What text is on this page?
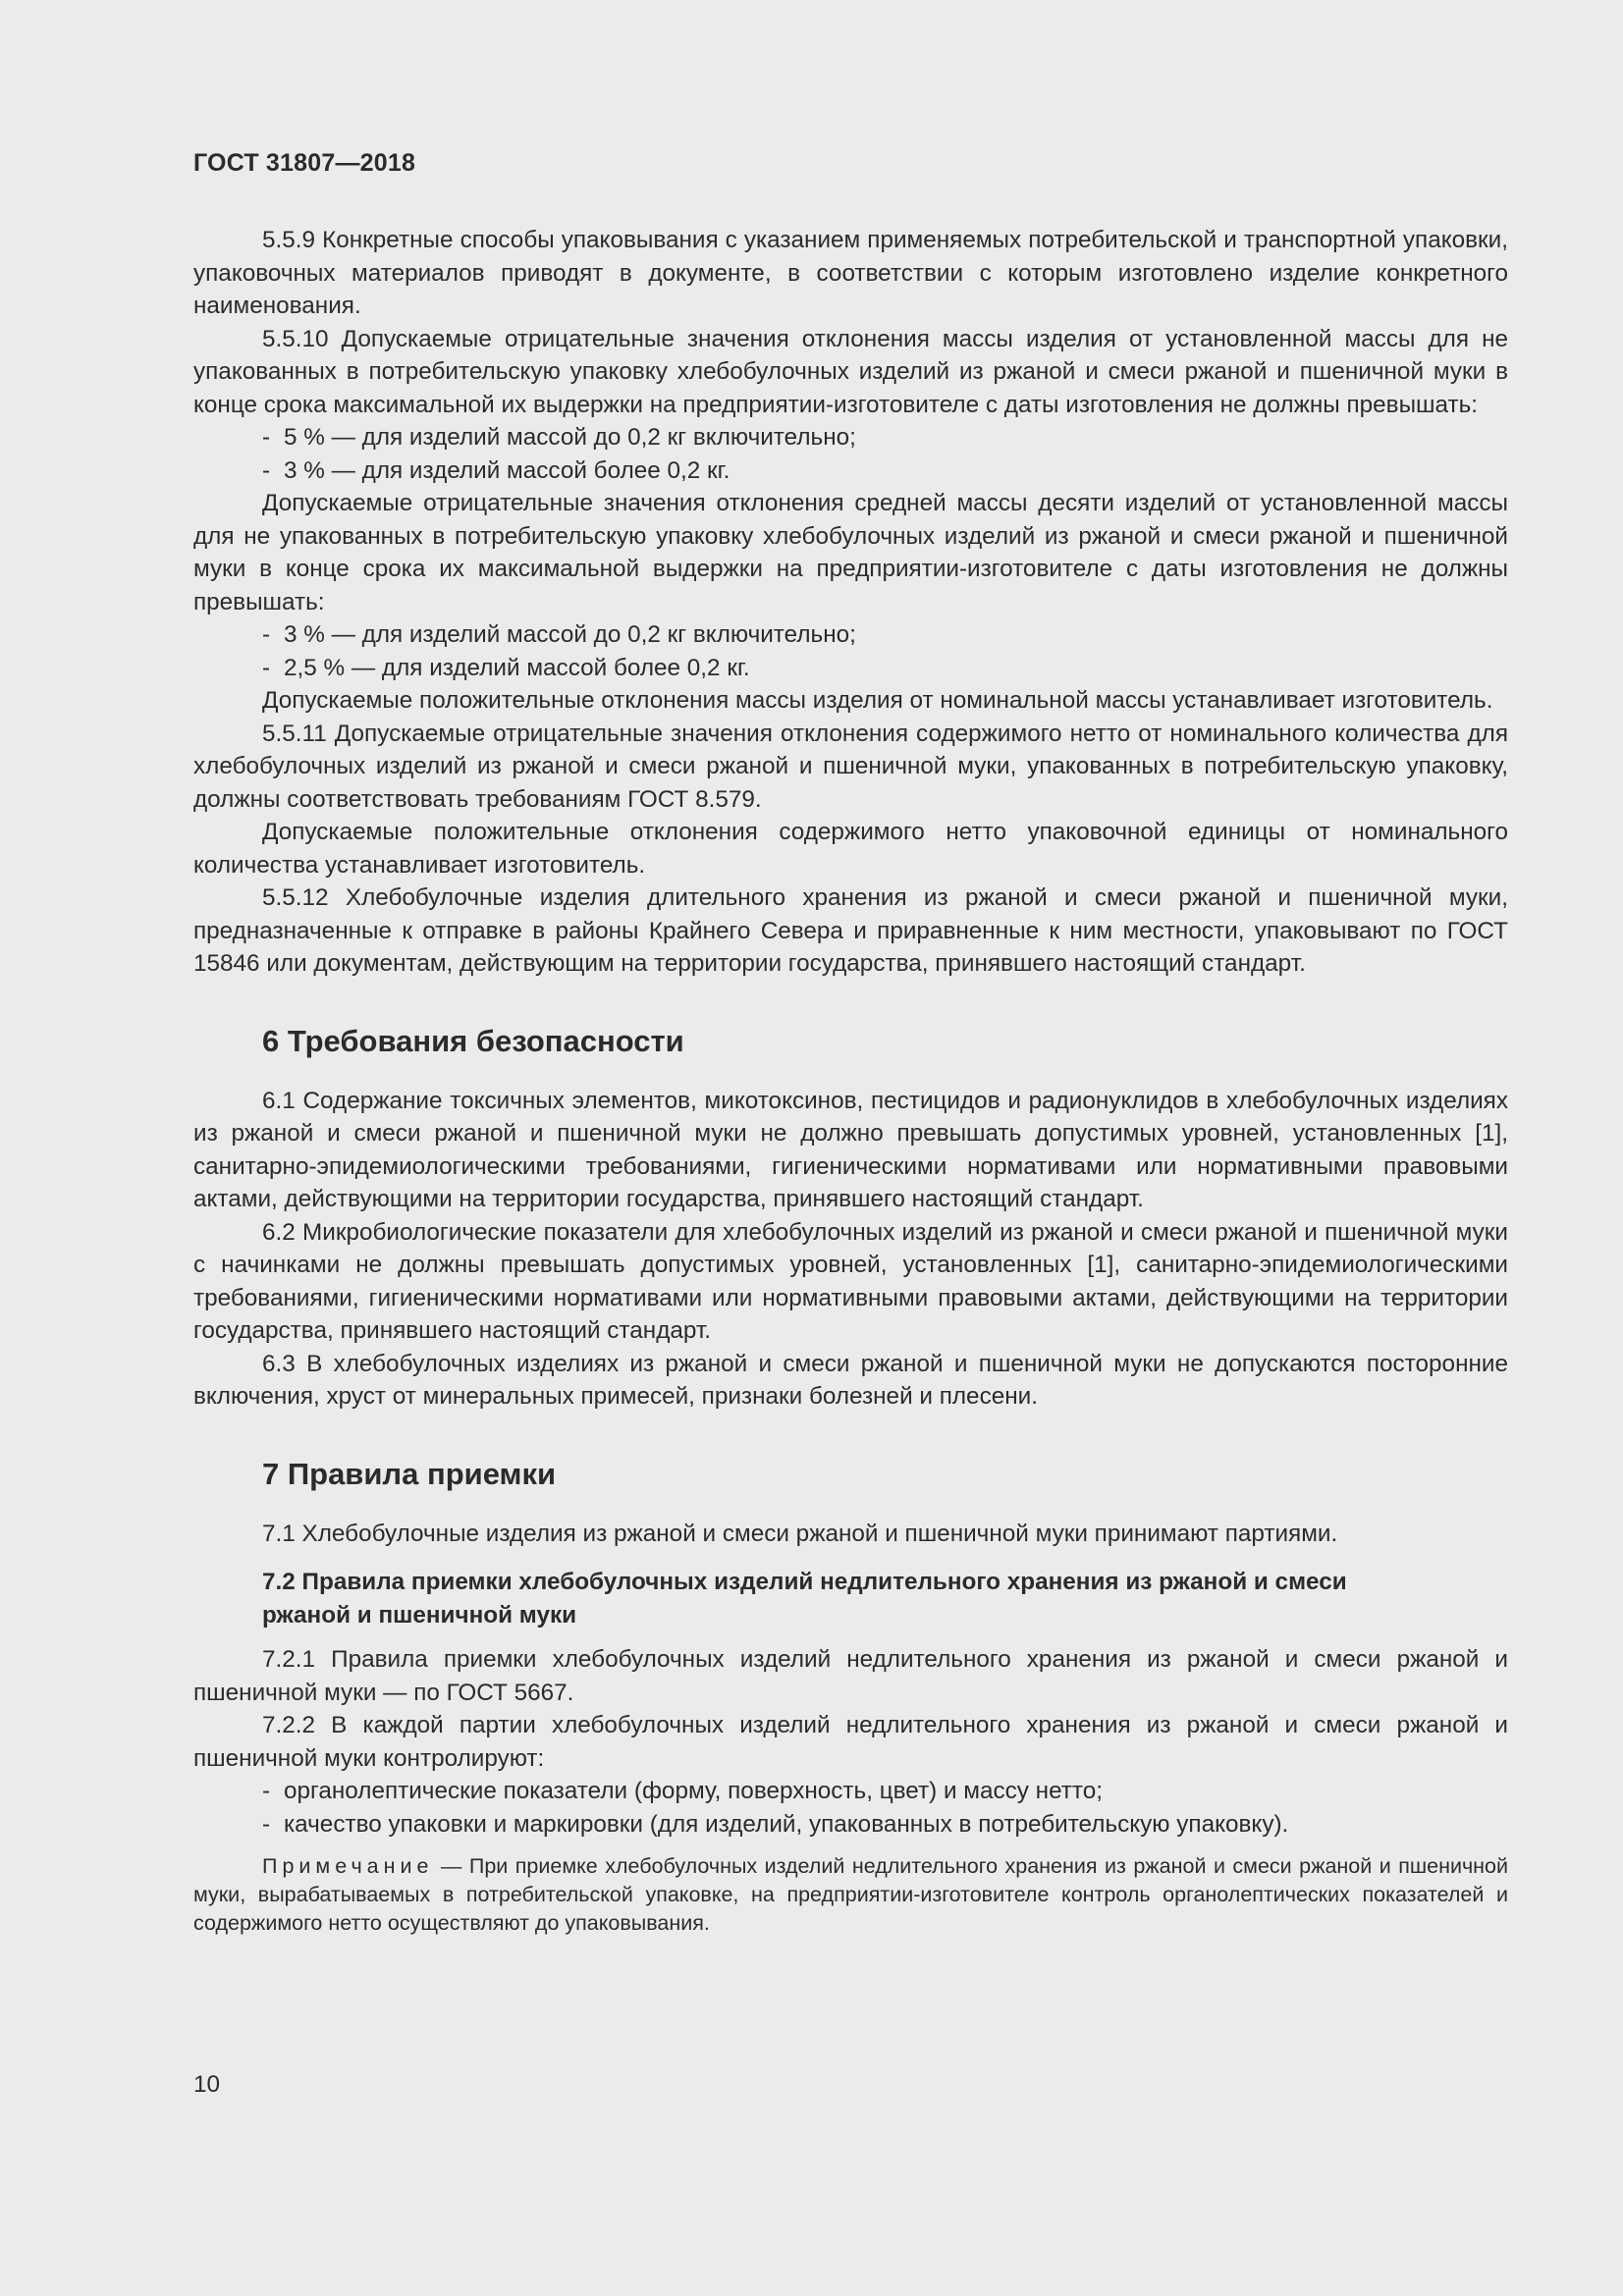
ГОСТ 31807—2018

5.5.9 Конкретные способы упаковывания с указанием применяемых потребительской и транспортной упаковки, упаковочных материалов приводят в документе, в соответствии с которым изготовлено изделие конкретного наименования.

5.5.10 Допускаемые отрицательные значения отклонения массы изделия от установленной массы для не упакованных в потребительскую упаковку хлебобулочных изделий из ржаной и смеси ржаной и пшеничной муки в конце срока максимальной их выдержки на предприятии-изготовителе с даты изготовления не должны превышать:

- 5 % — для изделий массой до 0,2 кг включительно;

- 3 % — для изделий массой более 0,2 кг.

Допускаемые отрицательные значения отклонения средней массы десяти изделий от установленной массы для не упакованных в потребительскую упаковку хлебобулочных изделий из ржаной и смеси ржаной и пшеничной муки в конце срока их максимальной выдержки на предприятии-изготовителе с даты изготовления не должны превышать:

- 3 % — для изделий массой до 0,2 кг включительно;

- 2,5 % — для изделий массой более 0,2 кг.

Допускаемые положительные отклонения массы изделия от номинальной массы устанавливает изготовитель.

5.5.11 Допускаемые отрицательные значения отклонения содержимого нетто от номинального количества для хлебобулочных изделий из ржаной и смеси ржаной и пшеничной муки, упакованных в потребительскую упаковку, должны соответствовать требованиям ГОСТ 8.579.

Допускаемые положительные отклонения содержимого нетто упаковочной единицы от номинального количества устанавливает изготовитель.

5.5.12 Хлебобулочные изделия длительного хранения из ржаной и смеси ржаной и пшеничной муки, предназначенные к отправке в районы Крайнего Севера и приравненные к ним местности, упаковывают по ГОСТ 15846 или документам, действующим на территории государства, принявшего настоящий стандарт.

6 Требования безопасности

6.1 Содержание токсичных элементов, микотоксинов, пестицидов и радионуклидов в хлебобулочных изделиях из ржаной и смеси ржаной и пшеничной муки не должно превышать допустимых уровней, установленных [1], санитарно-эпидемиологическими требованиями, гигиеническими нормативами или нормативными правовыми актами, действующими на территории государства, принявшего настоящий стандарт.

6.2 Микробиологические показатели для хлебобулочных изделий из ржаной и смеси ржаной и пшеничной муки с начинками не должны превышать допустимых уровней, установленных [1], санитарно-эпидемиологическими требованиями, гигиеническими нормативами или нормативными правовыми актами, действующими на территории государства, принявшего настоящий стандарт.

6.3 В хлебобулочных изделиях из ржаной и смеси ржаной и пшеничной муки не допускаются посторонние включения, хруст от минеральных примесей, признаки болезней и плесени.

7 Правила приемки

7.1 Хлебобулочные изделия из ржаной и смеси ржаной и пшеничной муки принимают партиями.

7.2 Правила приемки хлебобулочных изделий недлительного хранения из ржаной и смеси
ржаной и пшеничной муки

7.2.1 Правила приемки хлебобулочных изделий недлительного хранения из ржаной и смеси ржаной и пшеничной муки — по ГОСТ 5667.

7.2.2 В каждой партии хлебобулочных изделий недлительного хранения из ржаной и смеси ржаной и пшеничной муки контролируют:

- органолептические показатели (форму, поверхность, цвет) и массу нетто;

- качество упаковки и маркировки (для изделий, упакованных в потребительскую упаковку).

Примечание — При приемке хлебобулочных изделий недлительного хранения из ржаной и смеси ржаной и пшеничной муки, вырабатываемых в потребительской упаковке, на предприятии-изготовителе контроль органолептических показателей и содержимого нетто осуществляют до упаковывания.

10
